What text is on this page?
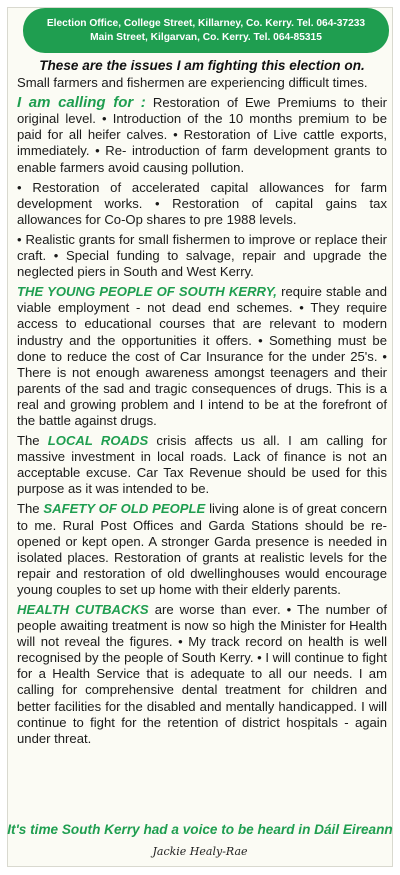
Election Office, College Street, Killarney, Co. Kerry. Tel. 064-37233
Main Street, Kilgarvan, Co. Kerry. Tel. 064-85315
These are the issues I am fighting this election on.

Small farmers and fishermen are experiencing difficult times.

I am calling for : Restoration of Ewe Premiums to their original level. • Introduction of the 10 months premium to be paid for all heifer calves. • Restoration of Live cattle exports, immediately. • Re- introduction of farm development grants to enable farmers avoid causing pollution.

• Restoration of accelerated capital allowances for farm development works. • Restoration of capital gains tax allowances for Co-Op shares to pre 1988 levels.

• Realistic grants for small fishermen to improve or replace their craft. • Special funding to salvage, repair and upgrade the neglected piers in South and West Kerry.

THE YOUNG PEOPLE OF SOUTH KERRY, require stable and viable employment - not dead end schemes. • They require access to educational courses that are relevant to modern industry and the opportunities it offers. • Something must be done to reduce the cost of Car Insurance for the under 25's. • There is not enough awareness amongst teenagers and their parents of the sad and tragic consequences of drugs. This is a real and growing problem and I intend to be at the forefront of the battle against drugs.

The LOCAL ROADS crisis affects us all. I am calling for massive investment in local roads. Lack of finance is not an acceptable excuse. Car Tax Revenue should be used for this purpose as it was intended to be.

The SAFETY OF OLD PEOPLE living alone is of great concern to me. Rural Post Offices and Garda Stations should be re-opened or kept open. A stronger Garda presence is needed in isolated places. Restoration of grants at realistic levels for the repair and restoration of old dwellinghouses would encourage young couples to set up home with their elderly parents.

HEALTH CUTBACKS are worse than ever. • The number of people awaiting treatment is now so high the Minister for Health will not reveal the figures. • My track record on health is well recognised by the people of South Kerry. • I will continue to fight for a Health Service that is adequate to all our needs. I am calling for comprehensive dental treatment for children and better facilities for the disabled and mentally handicapped. I will continue to fight for the retention of district hospitals - again under threat.

It's time South Kerry had a voice to be heard in Dáil Eireann
Jackie Healy-Rae
